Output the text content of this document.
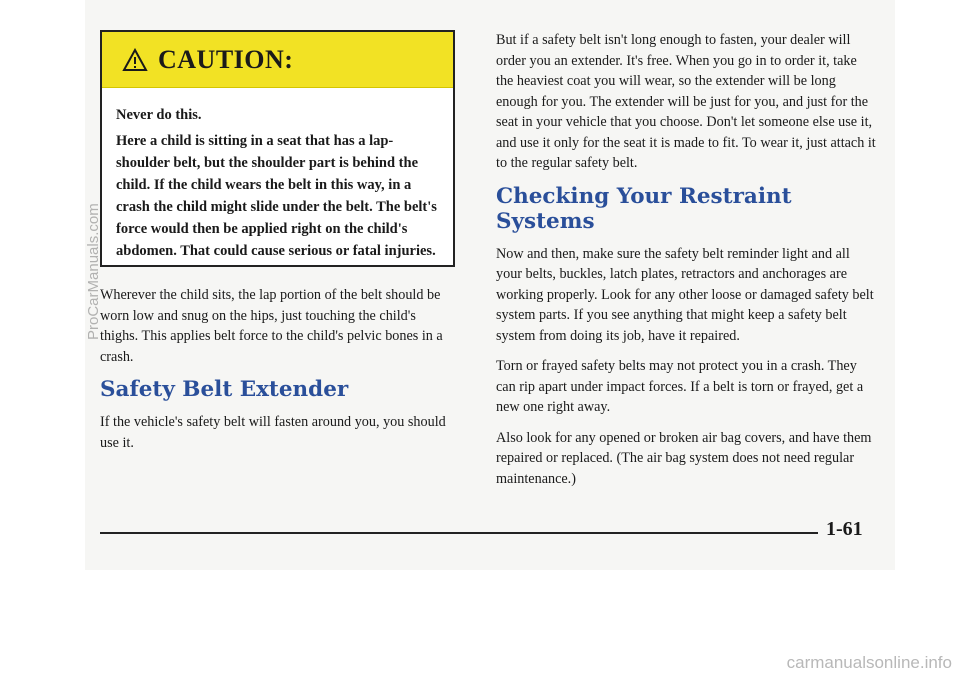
CAUTION:

Never do this.

Here a child is sitting in a seat that has a lap-shoulder belt, but the shoulder part is behind the child. If the child wears the belt in this way, in a crash the child might slide under the belt. The belt's force would then be applied right on the child's abdomen. That could cause serious or fatal injuries.

Wherever the child sits, the lap portion of the belt should be worn low and snug on the hips, just touching the child's thighs. This applies belt force to the child's pelvic bones in a crash.

Safety Belt Extender

If the vehicle's safety belt will fasten around you, you should use it.

But if a safety belt isn't long enough to fasten, your dealer will order you an extender. It's free. When you go in to order it, take the heaviest coat you will wear, so the extender will be long enough for you. The extender will be just for you, and just for the seat in your vehicle that you choose. Don't let someone else use it, and use it only for the seat it is made to fit. To wear it, just attach it to the regular safety belt.

Checking Your Restraint Systems

Now and then, make sure the safety belt reminder light and all your belts, buckles, latch plates, retractors and anchorages are working properly. Look for any other loose or damaged safety belt system parts. If you see anything that might keep a safety belt system from doing its job, have it repaired.

Torn or frayed safety belts may not protect you in a crash. They can rip apart under impact forces. If a belt is torn or frayed, get a new one right away.

Also look for any opened or broken air bag covers, and have them repaired or replaced. (The air bag system does not need regular maintenance.)

1-61
ProCarManuals.com
carmanualsonline.info
